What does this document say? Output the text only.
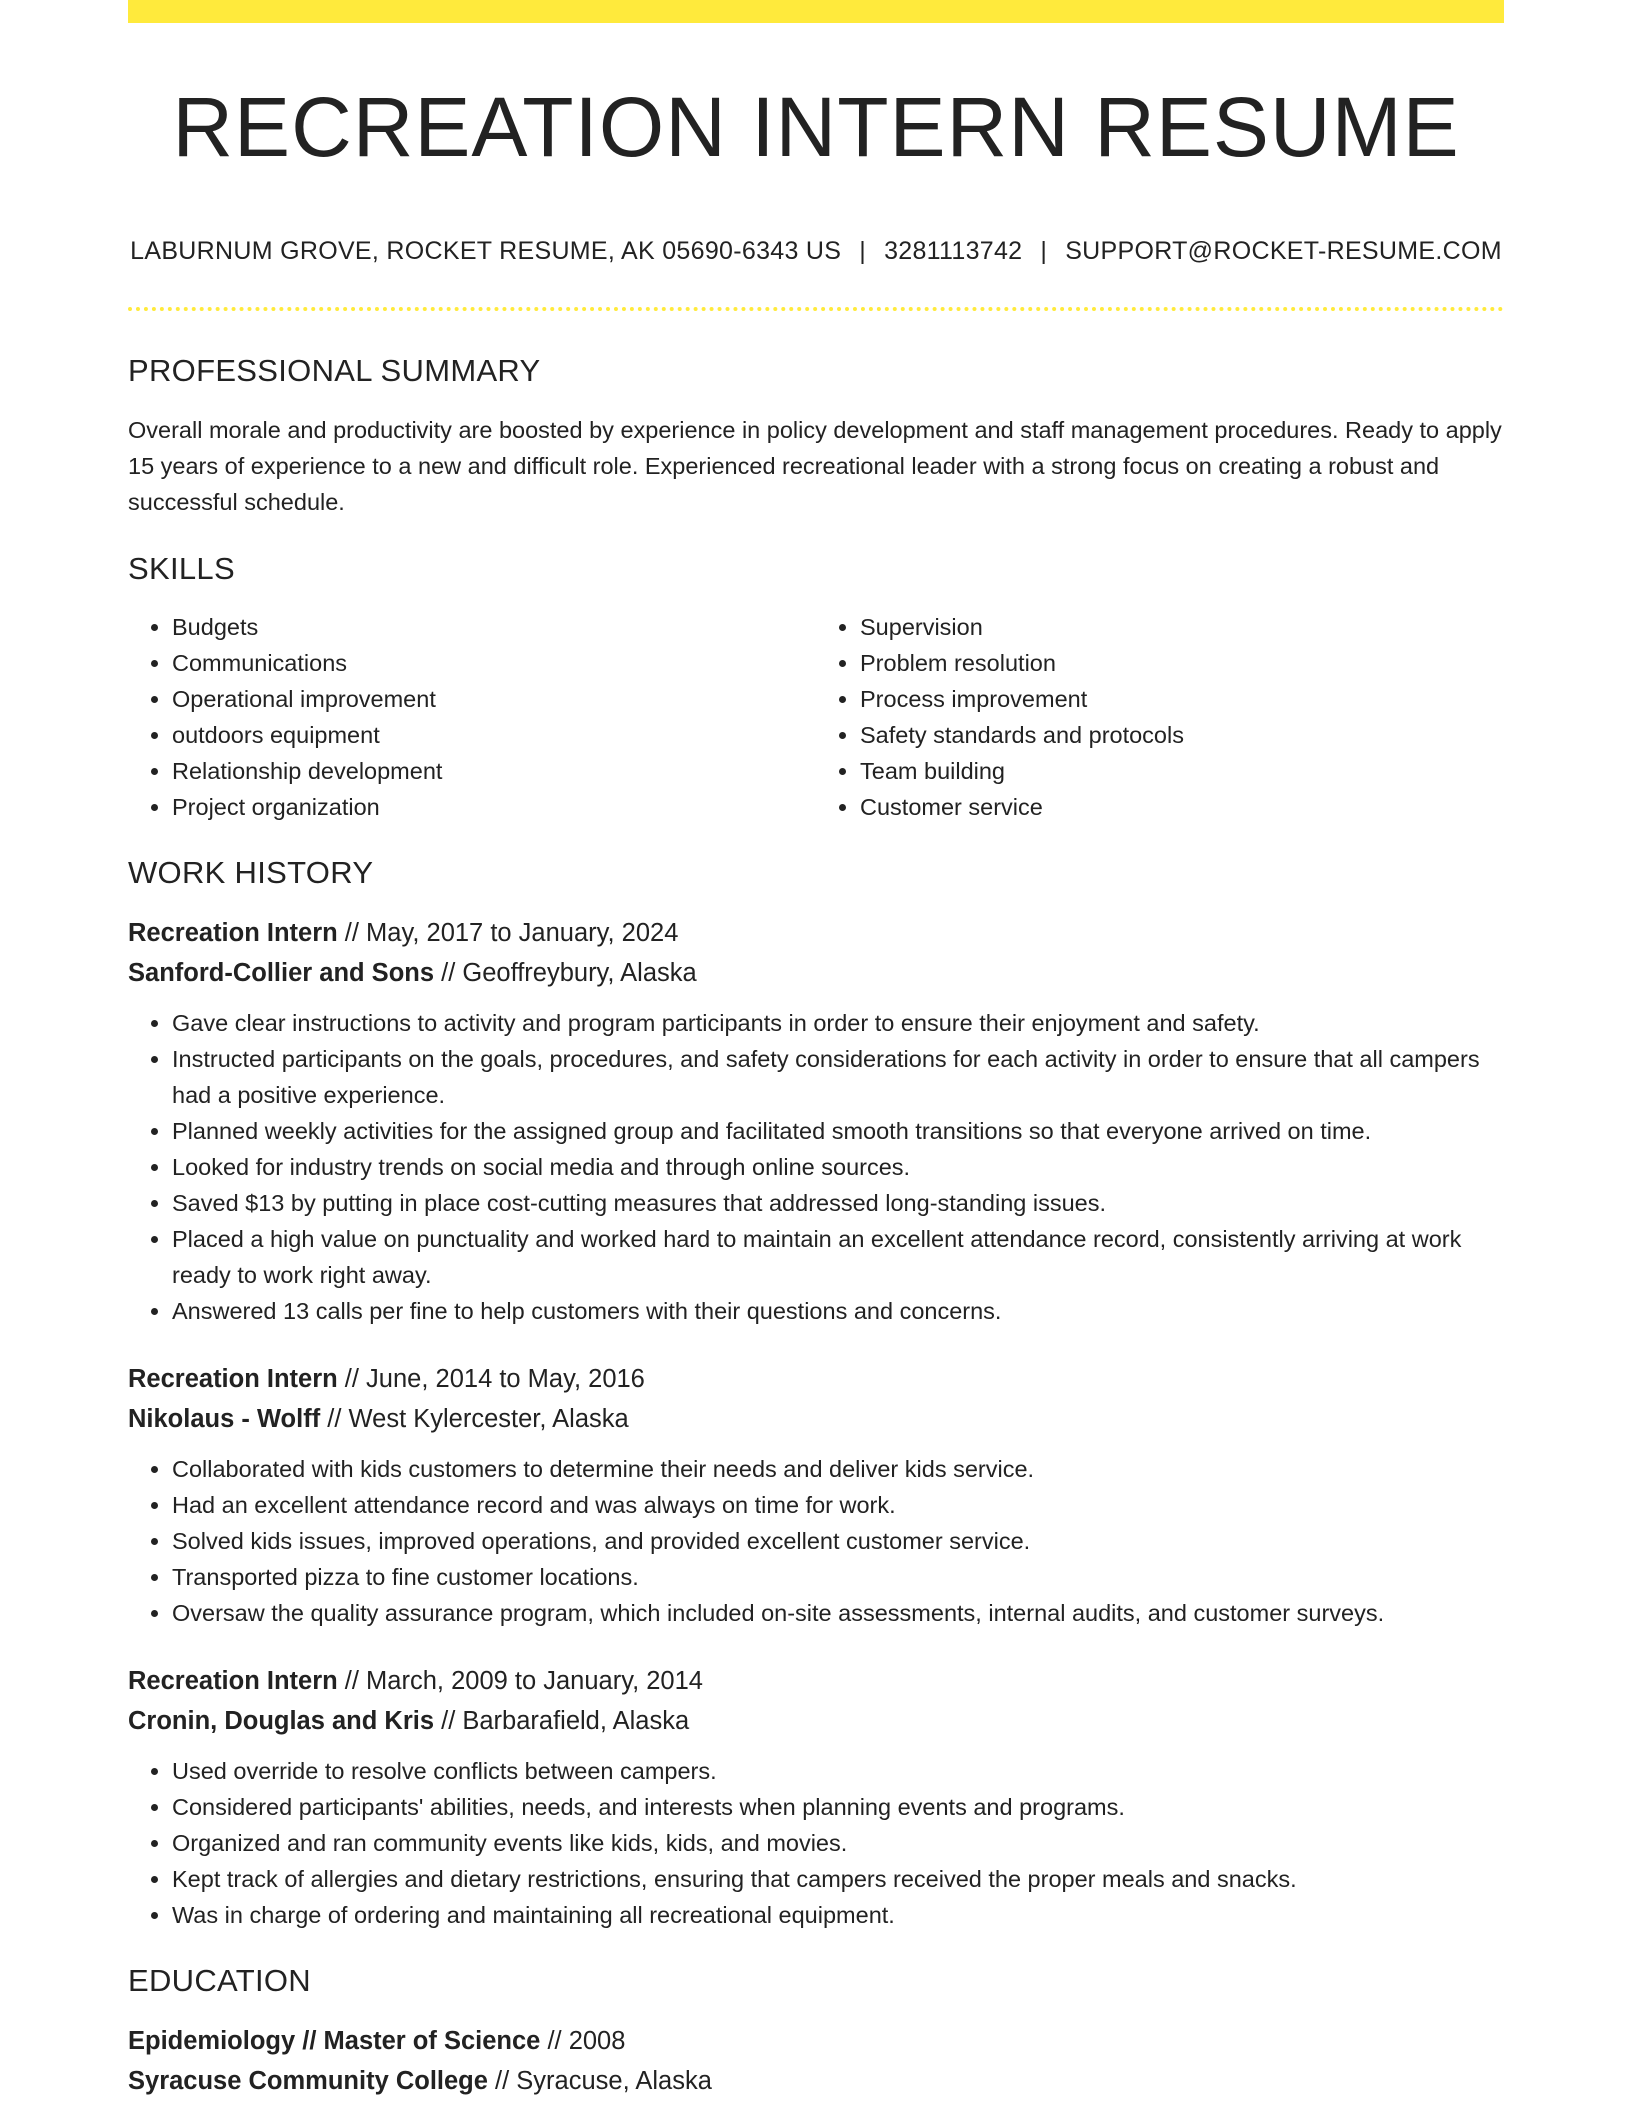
RECREATION INTERN RESUME
LABURNUM GROVE, ROCKET RESUME, AK 05690-6343 US | 3281113742 | SUPPORT@ROCKET-RESUME.COM
PROFESSIONAL SUMMARY

Overall morale and productivity are boosted by experience in policy development and staff management procedures. Ready to apply 15 years of experience to a new and difficult role. Experienced recreational leader with a strong focus on creating a robust and successful schedule.

SKILLS
• Budgets
• Communications
• Operational improvement
• outdoors equipment
• Relationship development
• Project organization
• Supervision
• Problem resolution
• Process improvement
• Safety standards and protocols
• Team building
• Customer service
WORK HISTORY
Recreation Intern // May, 2017 to January, 2024
Sanford-Collier and Sons // Geoffreybury, Alaska
• Gave clear instructions to activity and program participants in order to ensure their enjoyment and safety.
• Instructed participants on the goals, procedures, and safety considerations for each activity in order to ensure that all campers had a positive experience.
• Planned weekly activities for the assigned group and facilitated smooth transitions so that everyone arrived on time.
• Looked for industry trends on social media and through online sources.
• Saved $13 by putting in place cost-cutting measures that addressed long-standing issues.
• Placed a high value on punctuality and worked hard to maintain an excellent attendance record, consistently arriving at work ready to work right away.
• Answered 13 calls per fine to help customers with their questions and concerns.
Recreation Intern // June, 2014 to May, 2016
Nikolaus - Wolff // West Kylercester, Alaska
• Collaborated with kids customers to determine their needs and deliver kids service.
• Had an excellent attendance record and was always on time for work.
• Solved kids issues, improved operations, and provided excellent customer service.
• Transported pizza to fine customer locations.
• Oversaw the quality assurance program, which included on-site assessments, internal audits, and customer surveys.
Recreation Intern // March, 2009 to January, 2014
Cronin, Douglas and Kris // Barbarafield, Alaska
• Used override to resolve conflicts between campers.
• Considered participants' abilities, needs, and interests when planning events and programs.
• Organized and ran community events like kids, kids, and movies.
• Kept track of allergies and dietary restrictions, ensuring that campers received the proper meals and snacks.
• Was in charge of ordering and maintaining all recreational equipment.
EDUCATION
Epidemiology // Master of Science // 2008
Syracuse Community College // Syracuse, Alaska
